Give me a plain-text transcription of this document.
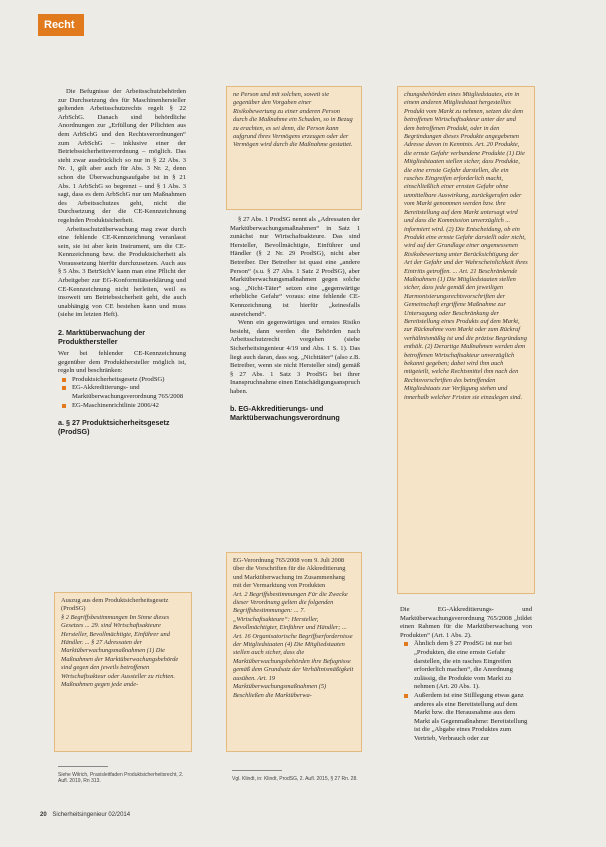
Recht

Die Befugnisse der Arbeitsschutzbehörden zur Durchsetzung des für Maschinenhersteller geltenden Arbeitsschutzrechts regelt § 22 ArbSchG. Danach sind behördliche Anordnungen zur „Erfüllung der Pflichten aus dem ArbSchG und den Rechtsverordnungen“ zum ArbSchG – inklusive einer der Betriebssicherheitsverordnung – möglich. Das steht zwar ausdrücklich so nur in § 22 Abs. 3 Nr. 1, gilt aber auch für Abs. 3 Nr. 2, denn schon die Überwachungsaufgabe ist in § 21 Abs. 1 ArbSchG so begrenzt – und § 1 Abs. 3 sagt, dass es dem ArbSchG nur um Maßnahmen des Arbeitsschutzes geht, nicht die Durchsetzung der die CE-Kennzeichnung regelnden Produktsicherheit.

Arbeitsschutzüberwachung mag zwar durch eine fehlende CE-Kennzeichnung veranlasst sein, sie ist aber kein Instrument, um die CE-Kennzeichnung bzw. die Produktsicherheit als Voraussetzung hierfür durchzusetzen. Auch aus § 5 Abs. 3 BetrSichV kann man eine Pflicht der Arbeitgeber zur EG-Konformitätserklärung und CE-Kennzeichnung nicht herleiten, weil es insoweit um Betriebssicherheit geht, die auch unabhängig von CE bestehen kann und muss (siehe im letzten Heft).

2. Marktüberwachung der Produkthersteller

Wer bei fehlender CE-Kennzeichnung gegenüber dem Produkthersteller möglich ist, regeln und beschränken:

Produktsicherheitsgesetz (ProdSG)
EG-Akkreditierungs- und Marktüberwachungsverordnung 765/2008
EG-Maschinenrichtlinie 2006/42
a. § 27 Produktsicherheitsgesetz (ProdSG)

Auszug aus dem Produktsicherheitsgesetz (ProdSG)

§ 2 Begriffsbestimmungen Im Sinne dieses Gesetzes ... 29. sind Wirtschaftsakteure Hersteller, Bevollmächtigte, Einführer und Händler. ... § 27 Adressaten der Marktüberwachungsmaßnahmen (1) Die Maßnahmen der Marktüberwachungsbehörde sind gegen den jeweils betroffenen Wirtschaftsakteur oder Aussteller zu richten. Maßnahmen gegen jede ande-

ne Person und mit solchen, soweit sie gegenüber den Vorgaben einer Risikobewertung zu einer anderen Person durch die Maßnahme ein Schaden, so in Bezug zu erachten, es sei denn, die Person kann aufgrund ihres Vermögens erzeugen oder der Vermögen wird durch die Maßnahme gestattet.

§ 27 Abs. 1 ProdSG nennt als „Adressaten der Marktüberwachungsmaßnahmen“ in Satz 1 zunächst nur Wirtschaftsakteure. Das sind Hersteller, Bevollmächtigte, Einführer und Händler (§ 2 Nr. 29 ProdSG), nicht aber Betreiber. Der Betreiber ist quasi eine „andere Person“ (s.u. § 27 Abs. 1 Satz 2 ProdSG), aber Marktüberwachungsmaßnahmen gegen solche sog. „Nicht-Täter“ setzen eine „gegenwärtige erhebliche Gefahr“ voraus: eine fehlende CE-Kennzeichnung ist hierfür „keinesfalls ausreichend“.

Wenn ein gegenwärtiges und ernstes Risiko besteht, dann werden die Behörden nach Arbeitsschutzrecht vorgehen (siehe Sicherheitsingenieur 4/19 und Abs. 1 S. 1). Das liegt auch daran, dass sog. „Nichttäter“ (also z.B. Betreiber, wenn sie nicht Hersteller sind) gemäß § 27 Abs. 1 Satz 3 ProdSG bei ihrer Inanspruchnahme einen Entschädigungsanspruch haben.

b. EG-Akkreditierungs- und Marktüberwachungsverordnung

EG-Verordnung 765/2008 vom 9. Juli 2008 über die Vorschriften für die Akkreditierung und Marktüberwachung im Zusammenhang mit der Vermarktung von Produkten

Art. 2 Begriffsbestimmungen Für die Zwecke dieser Verordnung gelten die folgenden Begriffsbestimmungen: ... 7. „Wirtschaftsakteure“: Hersteller, Bevollmächtigter, Einführer und Händler; ... Art. 16 Organisatorische Begriffserfordernisse der Mitgliedstaaten (4) Die Mitgliedstaaten stellen auch sicher, dass die Marktüberwachungsbehörden ihre Befugnisse gemäß dem Grundsatz der Verhältnismäßigkeit ausüben. Art. 19 Marktüberwachungsmaßnahmen (5) Beschließen die Marktüberwa-

chungsbehörden eines Mitgliedstaates, ein in einem anderen Mitgliedstaat hergestelltes Produkt vom Markt zu nehmen, setzen die dem betroffenen Wirtschaftsakteur unter der und dem betroffenen Produkt, oder in den Begründungen dieses Produkte angegebenen Adresse davon in Kenntnis. Art. 20 Produkte, die ernste Gefahr verbundene Produkte (1) Die Mitgliedstaaten stellen sicher, dass Produkte, die eine ernste Gefahr darstellen, die ein rasches Eingreifen erforderlich macht, einschließlich einer ernsten Gefahr ohne unmittelbare Auswirkung, zurückgerufen oder vom Markt genommen werden bzw. ihre Bereitstellung auf dem Markt untersagt wird und dass die Kommission unverzüglich ... informiert wird. (2) Die Entscheidung, ob ein Produkt eine ernste Gefahr darstellt oder nicht, wird auf der Grundlage einer angemessenen Risikobewertung unter Berücksichtigung der Art der Gefahr und der Wahrscheinlichkeit ihres Eintritts getroffen. ... Art. 21 Beschränkende Maßnahmen (1) Die Mitgliedstaaten stellen sicher, dass jede gemäß den jeweiligen Harmonisierungsrechtsvorschriften der Gemeinschaft ergriffene Maßnahme zur Untersagung oder Beschränkung der Bereitstellung eines Produkts auf dem Markt, zur Rücknahme vom Markt oder zum Rückruf verhältnismäßig ist und die präzise Begründung enthält. (2) Derartige Maßnahmen werden dem betroffenen Wirtschaftsakteur unverzüglich bekannt gegeben; dabei wird ihm auch mitgeteilt, welche Rechtsmittel ihm nach den Rechtsvorschriften des betreffenden Mitgliedstaats zur Verfügung stehen und innerhalb welcher Fristen sie einzulegen sind.

Die EG-Akkreditierungs- und Marktüberwachungsverordnung 765/2008 „bildet einen Rahmen für die Marktüberwachung von Produkten“ (Art. 1 Abs. 2).

Ähnlich dem § 27 ProdSG ist nur bei „Produkten, die eine ernste Gefahr darstellen, die ein rasches Eingreifen erforderlich machen“, die Anordnung zulässig, die Produkte vom Markt zu nehmen (Art. 20 Abs. 1).
Außerdem ist eine Stilllegung etwas ganz anderes als eine Bereitstellung auf dem Markt bzw. die Herausnahme aus dem Markt als Gegenmaßnahme: Bereitstellung ist die „Abgabe eines Produktes zum Vertrieb, Verbrauch oder zur
Siehe Wilrich, Praxisleitfaden Produktsicherheitsrecht, 2. Aufl. 2019, Rn 313.	Vgl. Klindt, in: Klindt, ProdSG, 2. Aufl. 2015, § 27 Rn. 28.
20 Sicherheitsingenieur 02/2014
